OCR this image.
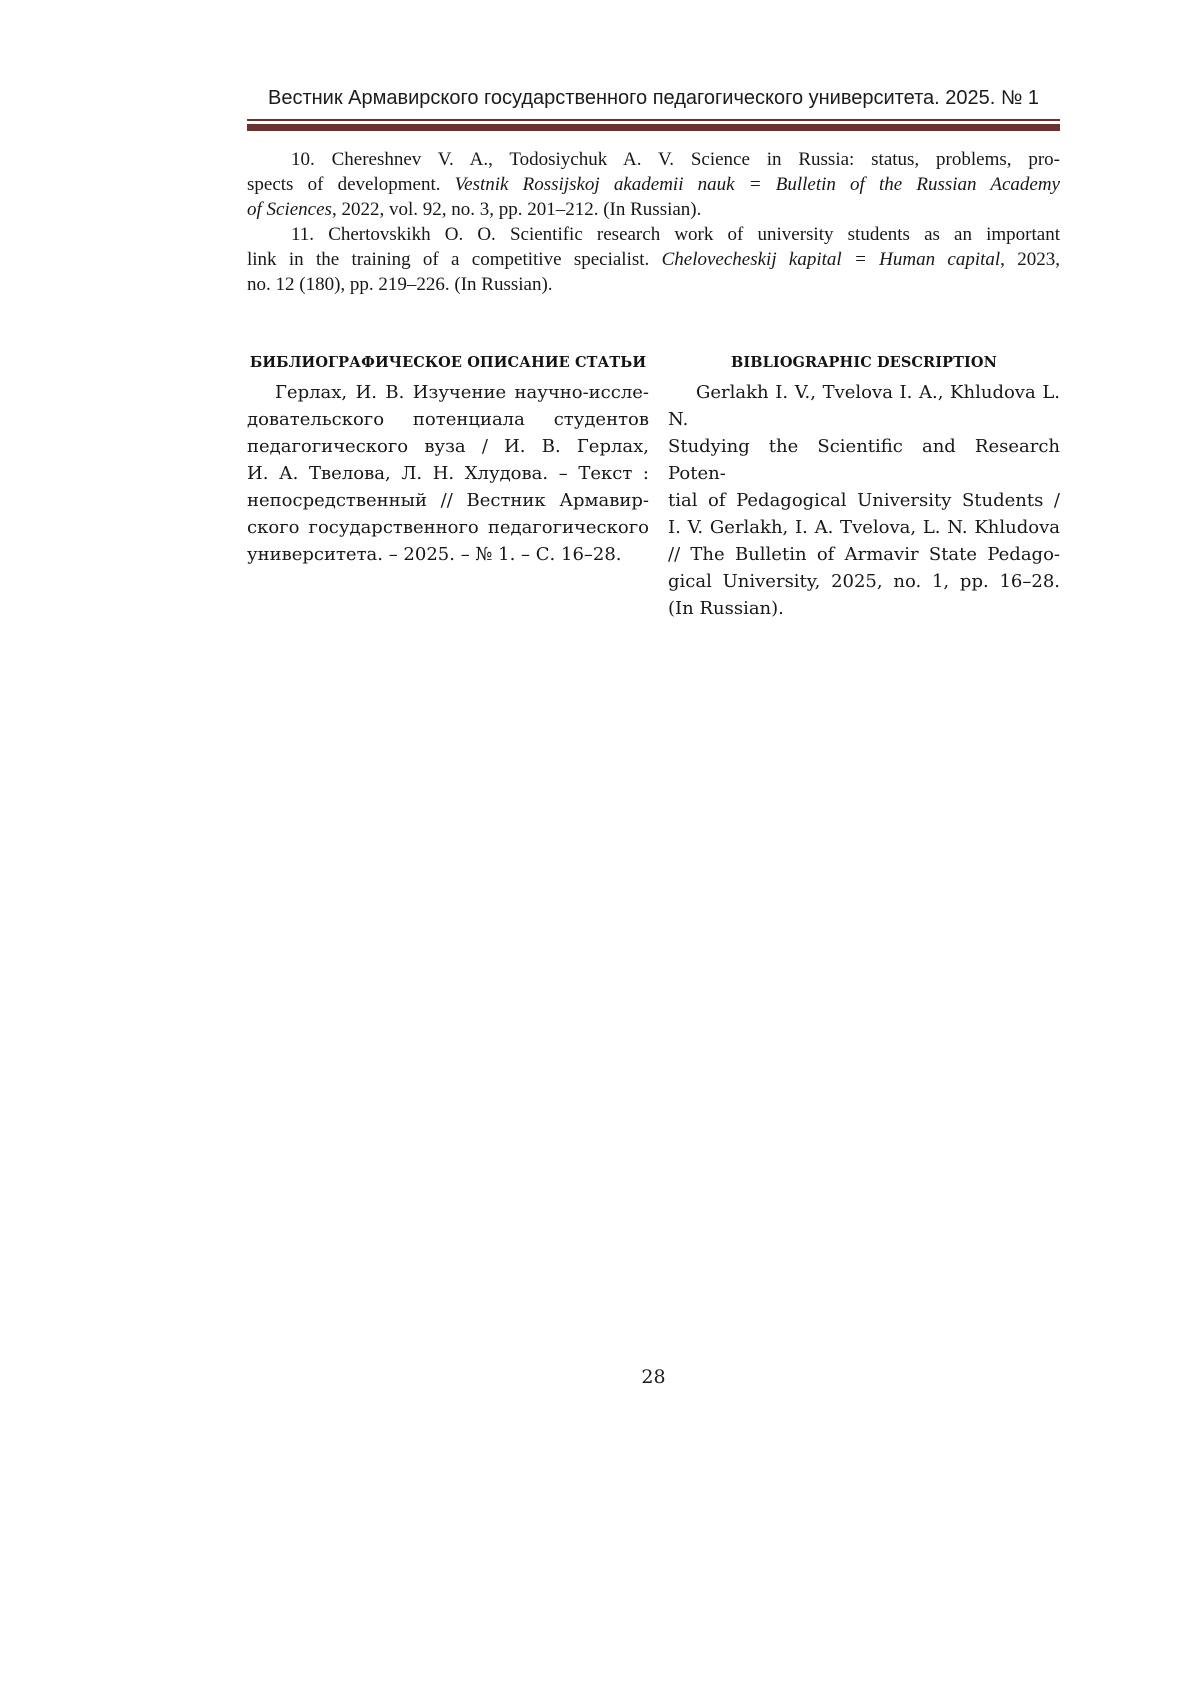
Вестник Армавирского государственного педагогического университета. 2025. № 1
10. Chereshnev V. A., Todosiychuk A. V. Science in Russia: status, problems, pro-
spects of development. Vestnik Rossijskoj akademii nauk = Bulletin of the Russian Academy
of Sciences, 2022, vol. 92, no. 3, pp. 201–212. (In Russian).
11. Chertovskikh O. O. Scientific research work of university students as an important
link in the training of a competitive specialist. Chelovecheskij kapital = Human capital, 2023,
no. 12 (180), pp. 219–226. (In Russian).
БИБЛИОГРАФИЧЕСКОЕ ОПИСАНИЕ СТАТЬИ
Герлах, И. В. Изучение научно-иссле-
довательского потенциала студентов
педагогического вуза / И. В. Герлах,
И. А. Твелова, Л. Н. Хлудова. – Текст :
непосредственный // Вестник Армавир-
ского государственного педагогического
университета. – 2025. – № 1. – С. 16–28.
BIBLIOGRAPHIC DESCRIPTION
Gerlakh I. V., Tvelova I. A., Khludova L. N.
Studying the Scientific and Research Poten-
tial of Pedagogical University Students /
I. V. Gerlakh, I. A. Tvelova, L. N. Khludova
// The Bulletin of Armavir State Pedago-
gical University, 2025, no. 1, pp. 16–28.
(In Russian).
28
